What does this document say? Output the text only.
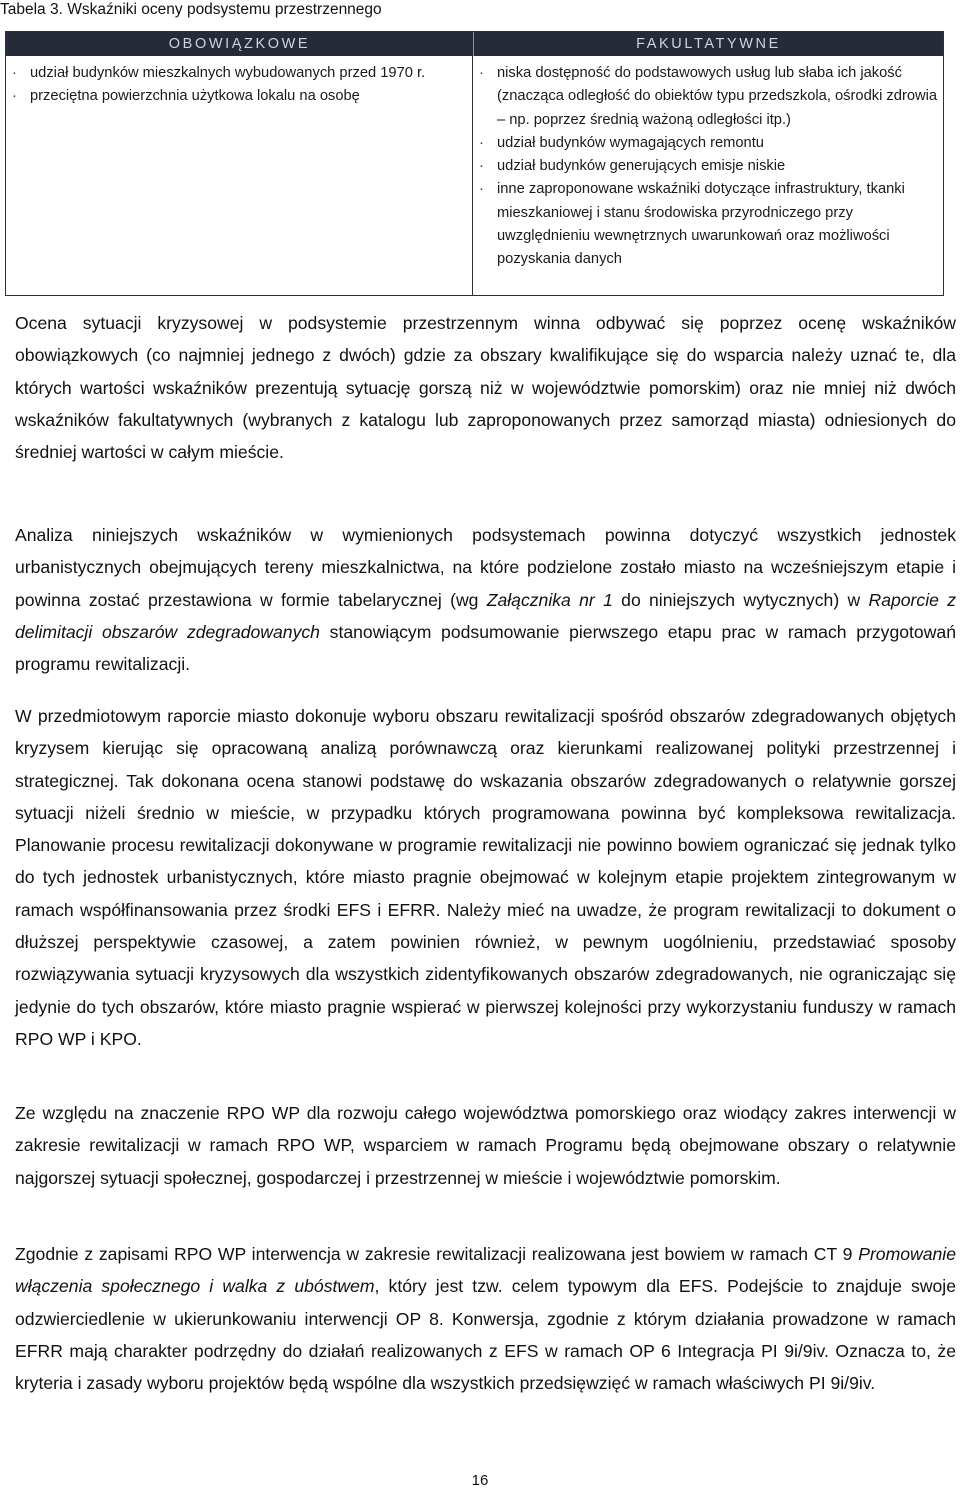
Tabela 3. Wskaźniki oceny podsystemu przestrzennego
OBOWIĄZKOWE	FAKULTATYWNE
· udział budynków mieszkalnych wybudowanych przed 1970 r.
· przeciętna powierzchnia użytkowa lokalu na osobę
· niska dostępność do podstawowych usług lub słaba ich jakość (znacząca odległość do obiektów typu przedszkola, ośrodki zdrowia – np. poprzez średnią ważoną odległości itp.)
· udział budynków wymagających remontu
· udział budynków generujących emisje niskie
· inne zaproponowane wskaźniki dotyczące infrastruktury, tkanki mieszkaniowej i stanu środowiska przyrodniczego przy uwzględnieniu wewnętrznych uwarunkowań oraz możliwości pozyskania danych

Ocena sytuacji kryzysowej w podsystemie przestrzennym winna odbywać się poprzez ocenę wskaźników obowiązkowych (co najmniej jednego z dwóch) gdzie za obszary kwalifikujące się do wsparcia należy uznać te, dla których wartości wskaźników prezentują sytuację gorszą niż w województwie pomorskim) oraz nie mniej niż dwóch wskaźników fakultatywnych (wybranych z katalogu lub zaproponowanych przez samorząd miasta) odniesionych do średniej wartości w całym mieście.

Analiza niniejszych wskaźników w wymienionych podsystemach powinna dotyczyć wszystkich jednostek urbanistycznych obejmujących tereny mieszkalnictwa, na które podzielone zostało miasto na wcześniejszym etapie i powinna zostać przestawiona w formie tabelarycznej (wg Załącznika nr 1 do niniejszych wytycznych) w Raporcie z delimitacji obszarów zdegradowanych stanowiącym podsumowanie pierwszego etapu prac w ramach przygotowań programu rewitalizacji.

W przedmiotowym raporcie miasto dokonuje wyboru obszaru rewitalizacji spośród obszarów zdegradowanych objętych kryzysem kierując się opracowaną analizą porównawczą oraz kierunkami realizowanej polityki przestrzennej i strategicznej. Tak dokonana ocena stanowi podstawę do wskazania obszarów zdegradowanych o relatywnie gorszej sytuacji niżeli średnio w mieście, w przypadku których programowana powinna być kompleksowa rewitalizacja. Planowanie procesu rewitalizacji dokonywane w programie rewitalizacji nie powinno bowiem ograniczać się jednak tylko do tych jednostek urbanistycznych, które miasto pragnie obejmować w kolejnym etapie projektem zintegrowanym w ramach współfinansowania przez środki EFS i EFRR. Należy mieć na uwadze, że program rewitalizacji to dokument o dłuższej perspektywie czasowej, a zatem powinien również, w pewnym uogólnieniu, przedstawiać sposoby rozwiązywania sytuacji kryzysowych dla wszystkich zidentyfikowanych obszarów zdegradowanych, nie ograniczając się jedynie do tych obszarów, które miasto pragnie wspierać w pierwszej kolejności przy wykorzystaniu funduszy w ramach RPO WP i KPO.

Ze względu na znaczenie RPO WP dla rozwoju całego województwa pomorskiego oraz wiodący zakres interwencji w zakresie rewitalizacji w ramach RPO WP, wsparciem w ramach Programu będą obejmowane obszary o relatywnie najgorszej sytuacji społecznej, gospodarczej i przestrzennej w mieście i województwie pomorskim.

Zgodnie z zapisami RPO WP interwencja w zakresie rewitalizacji realizowana jest bowiem w ramach CT 9 Promowanie włączenia społecznego i walka z ubóstwem, który jest tzw. celem typowym dla EFS. Podejście to znajduje swoje odzwierciedlenie w ukierunkowaniu interwencji OP 8. Konwersja, zgodnie z którym działania prowadzone w ramach EFRR mają charakter podrzędny do działań realizowanych z EFS w ramach OP 6 Integracja PI 9i/9iv. Oznacza to, że kryteria i zasady wyboru projektów będą wspólne dla wszystkich przedsięwzięć w ramach właściwych PI 9i/9iv.

16
